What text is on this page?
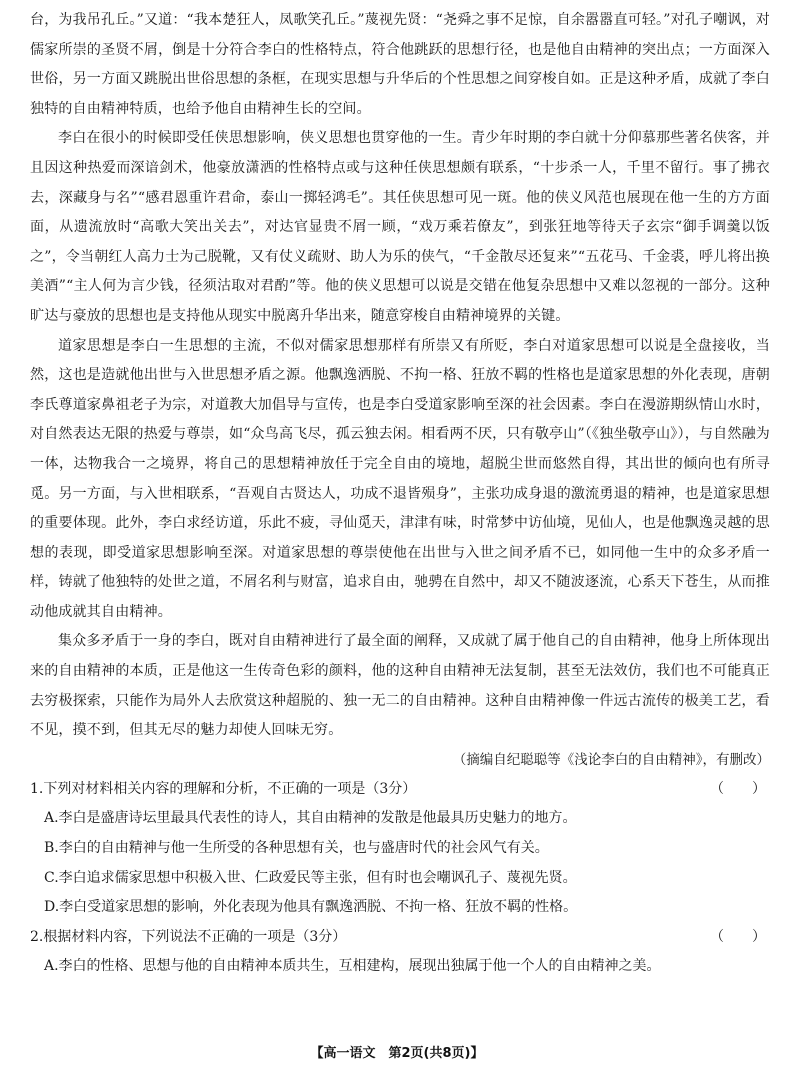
台，为我吊孔丘。”又道：“我本楚狂人，凤歌笑孔丘。”蔑视先贤：“尧舜之事不足惊，自余嚣嚣直可轻。”对孔子嘲讽，对儒家所崇的圣贤不屑，倒是十分符合李白的性格特点，符合他跳跃的思想行径，也是他自由精神的突出点；一方面深入世俗，另一方面又跳脱出世俗思想的条框，在现实思想与升华后的个性思想之间穿梭自如。正是这种矛盾，成就了李白独特的自由精神特质，也给予他自由精神生长的空间。

李白在很小的时候即受任侠思想影响，侠义思想也贯穿他的一生。青少年时期的李白就十分仰慕那些著名侠客，并且因这种热爱而深谙剑术，他豪放潇洒的性格特点或与这种任侠思想颇有联系，“十步杀一人，千里不留行。事了拂衣去，深藏身与名”“感君恩重许君命，泰山一掷轻鸿毛”。其任侠思想可见一斑。他的侠义风范也展现在他一生的方方面面，从遗流放时“高歌大笑出关去”，对达官显贵不屑一顾，“戏万乘若僚友”，到张狂地等待天子玄宗“御手调羹以饭之”，令当朝红人高力士为己脱靴，又有仗义疏财、助人为乐的侠气，“千金散尽还复来”“五花马、千金裘，呼儿将出换美酒”“主人何为言少钱，径须沽取对君酌”等。他的侠义思想可以说是交错在他复杂思想中又难以忽视的一部分。这种旷达与豪放的思想也是支持他从现实中脱离升华出来，随意穿梭自由精神境界的关键。

道家思想是李白一生思想的主流，不似对儒家思想那样有所崇又有所贬，李白对道家思想可以说是全盘接收，当然，这也是造就他出世与入世思想矛盾之源。他飘逸洒脱、不拘一格、狂放不羁的性格也是道家思想的外化表现，唐朝李氏尊道家鼻祖老子为宗，对道教大加倡导与宣传，也是李白受道家影响至深的社会因素。李白在漫游期纵情山水时，对自然表达无限的热爱与尊崇，如“众鸟高飞尽，孤云独去闲。相看两不厌，只有敬亭山”（《独坐敬亭山》），与自然融为一体，达物我合一之境界，将自己的思想精神放任于完全自由的境地，超脱尘世而悠然自得，其出世的倾向也有所寻觅。另一方面，与入世相联系，“吾观自古贤达人，功成不退皆殒身”，主张功成身退的激流勇退的精神，也是道家思想的重要体现。此外，李白求经访道，乐此不疲，寻仙觅天，津津有味，时常梦中访仙境，见仙人，也是他飘逸灵越的思想的表现，即受道家思想影响至深。对道家思想的尊崇使他在出世与入世之间矛盾不已，如同他一生中的众多矛盾一样，铸就了他独特的处世之道，不屑名利与财富，追求自由，驰骋在自然中，却又不随波逐流，心系天下苍生，从而推动他成就其自由精神。

集众多矛盾于一身的李白，既对自由精神进行了最全面的阐释，又成就了属于他自己的自由精神，他身上所体现出来的自由精神的本质，正是他这一生传奇色彩的颜料，他的这种自由精神无法复制，甚至无法效仿，我们也不可能真正去穷极探索，只能作为局外人去欣赏这种超脱的、独一无二的自由精神。这种自由精神像一件远古流传的极美工艺，看不见，摸不到，但其无尽的魅力却使人回味无穷。

（摘编自纪聪聪等《浅论李白的自由精神》，有删改）

1.下列对材料相关内容的理解和分析，不正确的一项是（3分）	（　　）

A.李白是盛唐诗坛里最具代表性的诗人，其自由精神的发散是他最具历史魅力的地方。

B.李白的自由精神与他一生所受的各种思想有关，也与盛唐时代的社会风气有关。

C.李白追求儒家思想中积极入世、仁政爱民等主张，但有时也会嘲讽孔子、蔑视先贤。

D.李白受道家思想的影响，外化表现为他具有飘逸洒脱、不拘一格、狂放不羁的性格。

2.根据材料内容，下列说法不正确的一项是（3分）	（　　）

A.李白的性格、思想与他的自由精神本质共生，互相建构，展现出独属于他一个人的自由精神之美。

【高一语文　第2页(共8页)】
